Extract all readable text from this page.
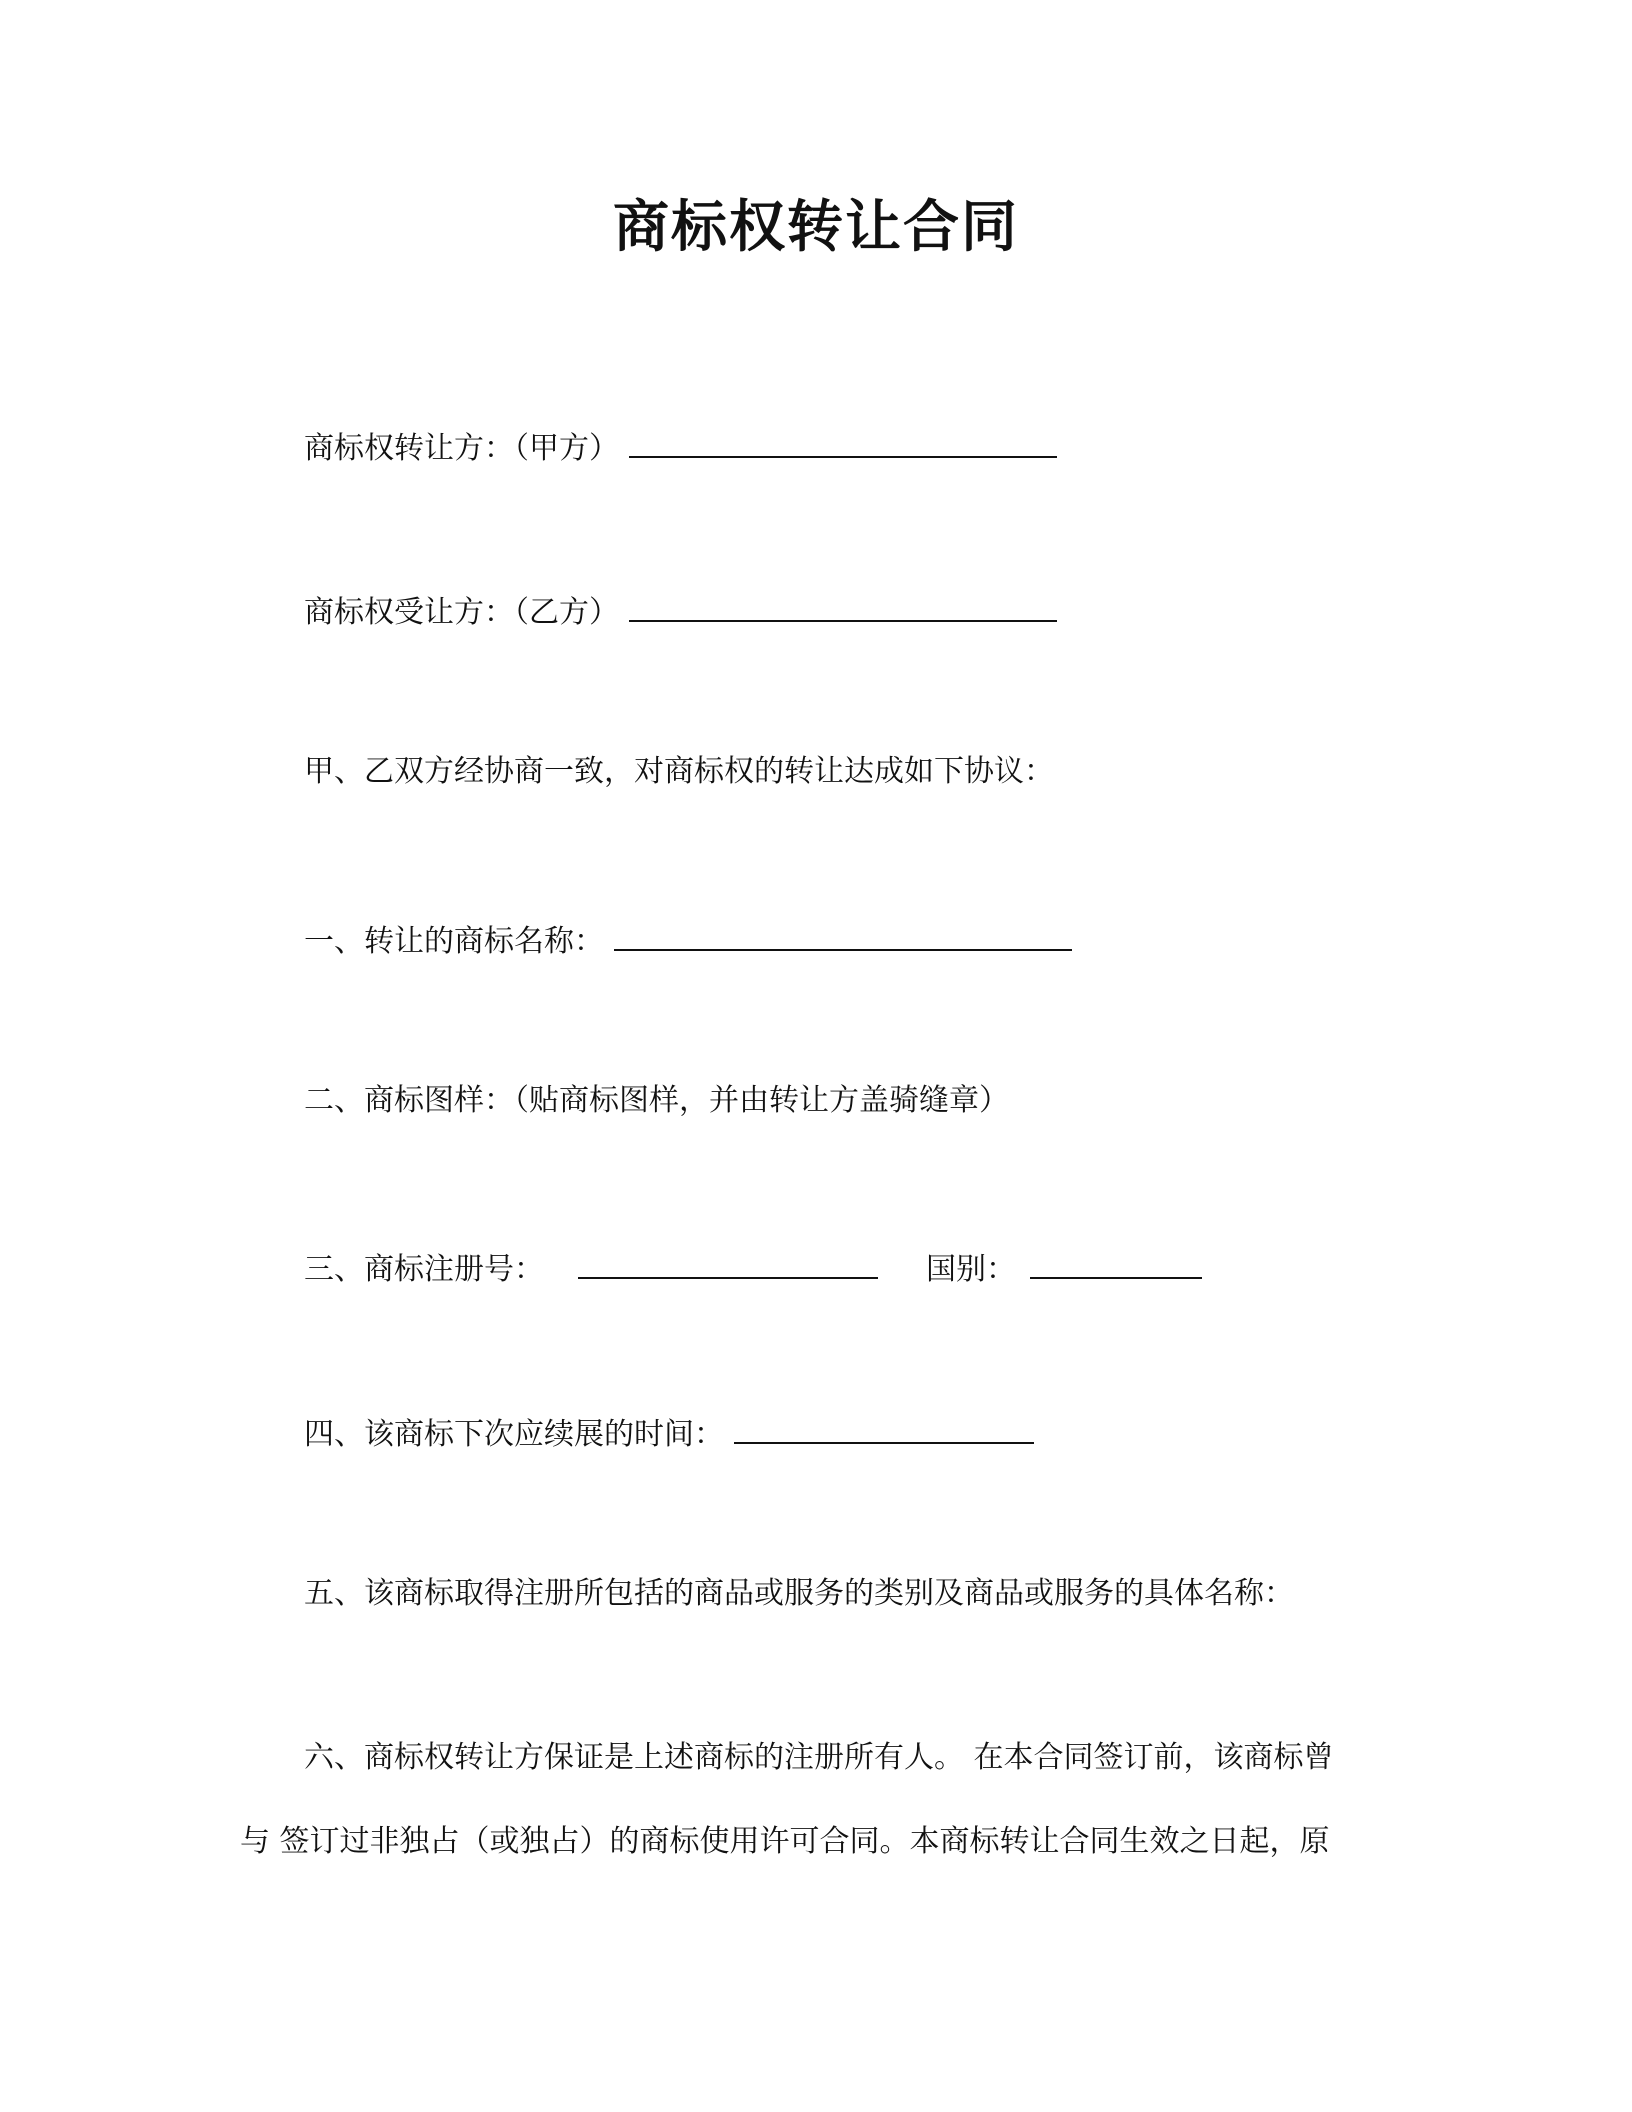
商标权转让合同
商标权转让方：（甲方）
商标权受让方：（乙方）
甲、乙双方经协商一致，对商标权的转让达成如下协议：
一、转让的商标名称：
二、商标图样：（贴商标图样，并由转让方盖骑缝章）
三、商标注册号：	国别：
四、该商标下次应续展的时间：
五、该商标取得注册所包括的商品或服务的类别及商品或服务的具体名称：
六、商标权转让方保证是上述商标的注册所有人。 在本合同签订前，该商标曾
与 签订过非独占（或独占）的商标使用许可合同。本商标转让合同生效之日起，原
